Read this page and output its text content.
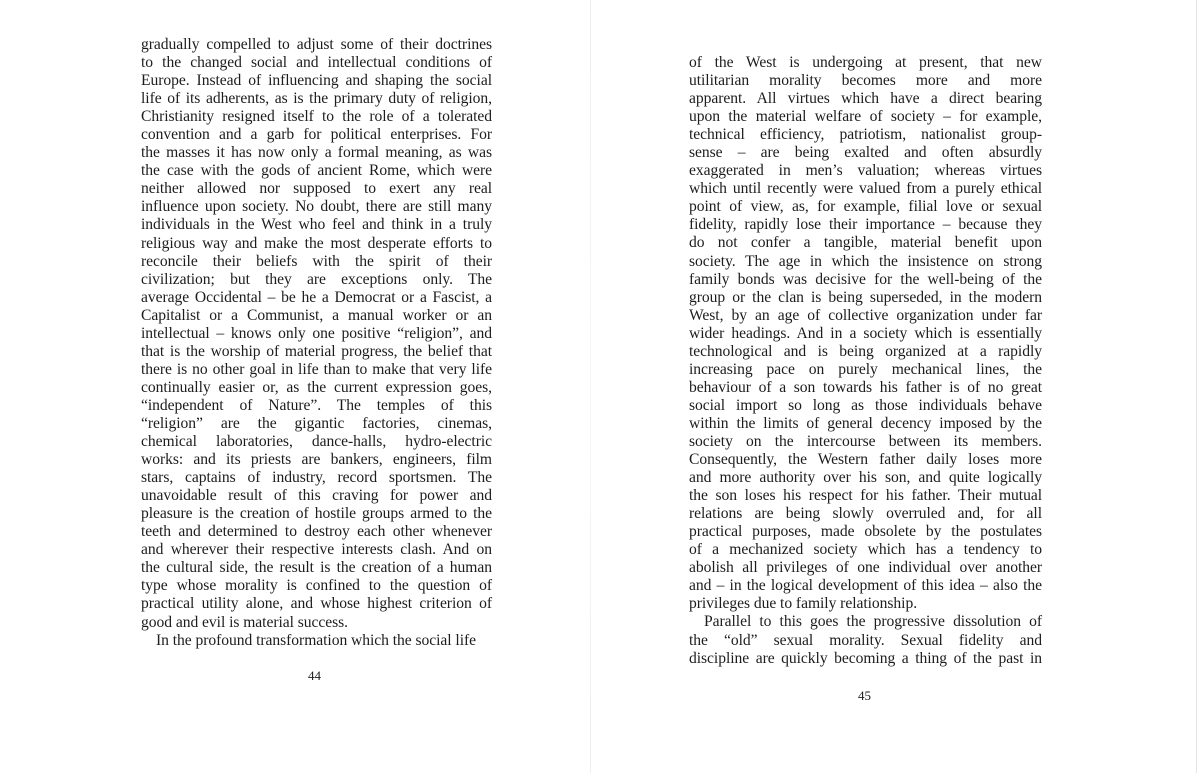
gradually compelled to adjust some of their doctrines
to the changed social and intellectual conditions of
Europe. Instead of influencing and shaping the social
life of its adherents, as is the primary duty of religion,
Christianity resigned itself to the role of a tolerated
convention and a garb for political enterprises. For
the masses it has now only a formal meaning, as was
the case with the gods of ancient Rome, which were
neither allowed nor supposed to exert any real
influence upon society. No doubt, there are still many
individuals in the West who feel and think in a truly
religious way and make the most desperate efforts to
reconcile their beliefs with the spirit of their
civilization; but they are exceptions only. The
average Occidental – be he a Democrat or a Fascist, a
Capitalist or a Communist, a manual worker or an
intellectual – knows only one positive “religion”, and
that is the worship of material progress, the belief that
there is no other goal in life than to make that very life
continually easier or, as the current expression goes,
“independent of Nature”. The temples of this
“religion” are the gigantic factories, cinemas,
chemical laboratories, dance-halls, hydro-electric
works: and its priests are bankers, engineers, film
stars, captains of industry, record sportsmen. The
unavoidable result of this craving for power and
pleasure is the creation of hostile groups armed to the
teeth and determined to destroy each other whenever
and wherever their respective interests clash. And on
the cultural side, the result is the creation of a human
type whose morality is confined to the question of
practical utility alone, and whose highest criterion of
good and evil is material success.

In the profound transformation which the social life

44

of the West is undergoing at present, that new
utilitarian morality becomes more and more
apparent. All virtues which have a direct bearing
upon the material welfare of society – for example,
technical efficiency, patriotism, nationalist group-
sense – are being exalted and often absurdly
exaggerated in men’s valuation; whereas virtues
which until recently were valued from a purely ethical
point of view, as, for example, filial love or sexual
fidelity, rapidly lose their importance – because they
do not confer a tangible, material benefit upon
society. The age in which the insistence on strong
family bonds was decisive for the well-being of the
group or the clan is being superseded, in the modern
West, by an age of collective organization under far
wider headings. And in a society which is essentially
technological and is being organized at a rapidly
increasing pace on purely mechanical lines, the
behaviour of a son towards his father is of no great
social import so long as those individuals behave
within the limits of general decency imposed by the
society on the intercourse between its members.
Consequently, the Western father daily loses more
and more authority over his son, and quite logically
the son loses his respect for his father. Their mutual
relations are being slowly overruled and, for all
practical purposes, made obsolete by the postulates
of a mechanized society which has a tendency to
abolish all privileges of one individual over another
and – in the logical development of this idea – also the
privileges due to family relationship.

Parallel to this goes the progressive dissolution of
the “old” sexual morality. Sexual fidelity and
discipline are quickly becoming a thing of the past in

45
